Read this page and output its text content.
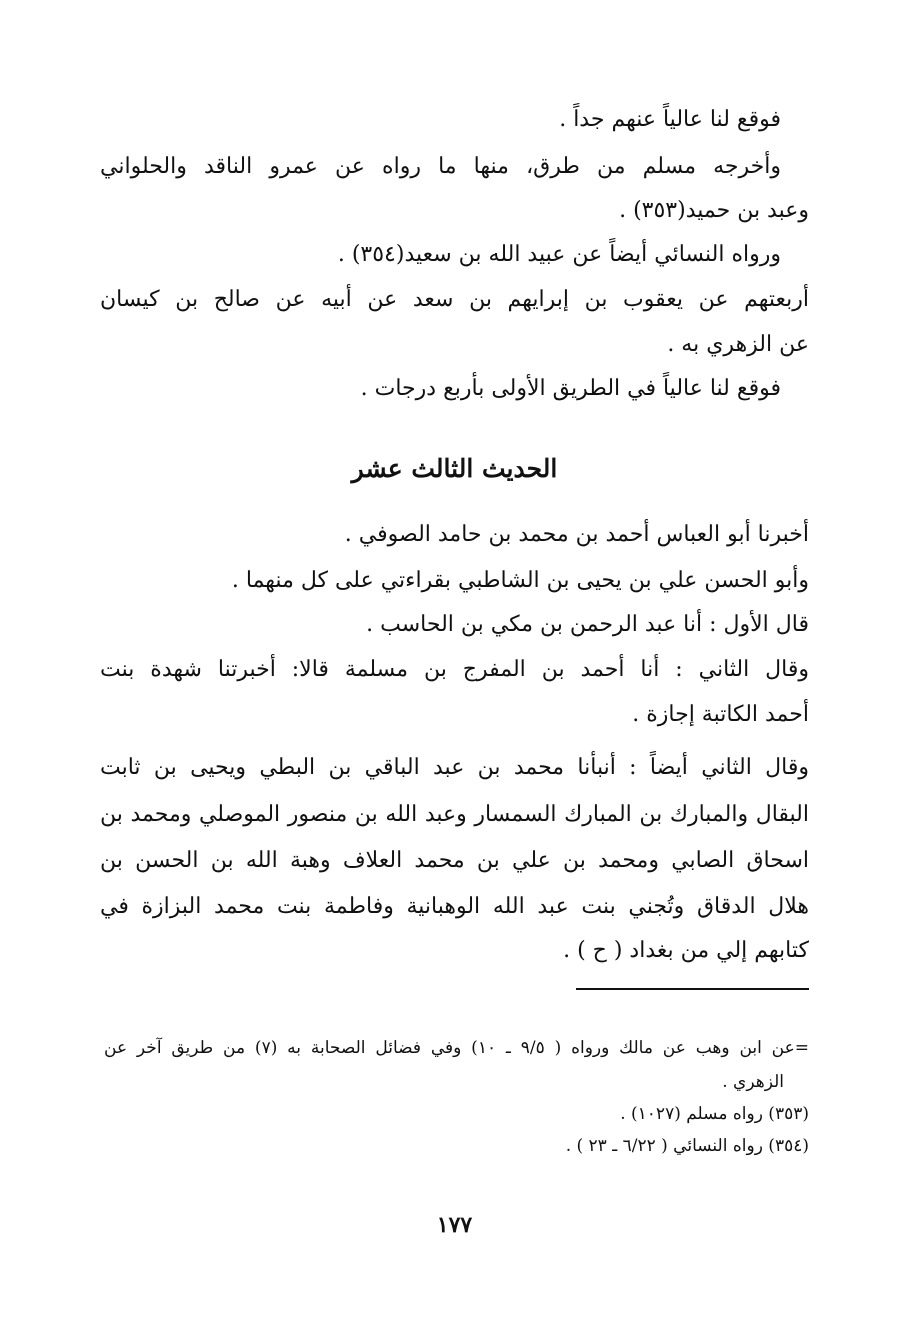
فوقع لنا عالياً عنهم جداً .
وأخرجه مسلم من طرق، منها ما رواه عن عمرو الناقد والحلواني
وعبد بن حميد(٣٥٣) .
ورواه النسائي أيضاً عن عبيد الله بن سعيد(٣٥٤) .
أربعتهم عن يعقوب بن إبرايهم بن سعد عن أبيه عن صالح بن كيسان
عن الزهري به .
فوقع لنا عالياً في الطريق الأولى بأربع درجات .
الحديث الثالث عشر
أخبرنا أبو العباس أحمد بن محمد بن حامد الصوفي .
وأبو الحسن علي بن يحيى بن الشاطبي بقراءتي على كل منهما .
قال الأول : أنا عبد الرحمن بن مكي بن الحاسب .
وقال الثاني : أنا أحمد بن المفرج بن مسلمة قالا: أخبرتنا شهدة بنت
أحمد الكاتبة إجازة .
وقال الثاني أيضاً : أنبأنا محمد بن عبد الباقي بن البطي ويحيى بن ثابت
البقال والمبارك بن المبارك السمسار وعبد الله بن منصور الموصلي ومحمد بن
اسحاق الصابي ومحمد بن علي بن محمد العلاف وهبة الله بن الحسن بن
هلال الدقاق وتُجني بنت عبد الله الوهبانية وفاطمة بنت محمد البزازة في
كتابهم إلي من بغداد ( ح ) .
=عن ابن وهب عن مالك ورواه ( ٩/٥ ـ ١٠) وفي فضائل الصحابة به (٧) من طريق آخر عن
الزهري .
(٣٥٣) رواه مسلم (١٠٢٧) .
(٣٥٤) رواه النسائي ( ٦/٢٢ ـ ٢٣ ) .
١٧٧
